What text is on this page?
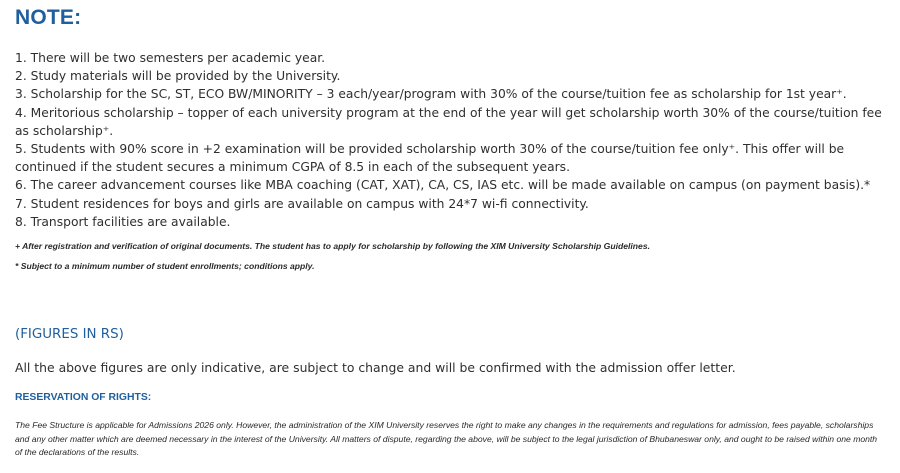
NOTE:

1. There will be two semesters per academic year.

2. Study materials will be provided by the University.

3. Scholarship for the SC, ST, ECO BW/MINORITY – 3 each/year/program with 30% of the course/tuition fee as scholarship for 1st year⁺.

4. Meritorious scholarship – topper of each university program at the end of the year will get scholarship worth 30% of the course/tuition fee as scholarship⁺.

5. Students with 90% score in +2 examination will be provided scholarship worth 30% of the course/tuition fee only⁺. This offer will be continued if the student secures a minimum CGPA of 8.5 in each of the subsequent years.

6. The career advancement courses like MBA coaching (CAT, XAT), CA, CS, IAS etc. will be made available on campus (on payment basis).*

7. Student residences for boys and girls are available on campus with 24*7 wi-fi connectivity.

8. Transport facilities are available.

+ After registration and verification of original documents. The student has to apply for scholarship by following the XIM University Scholarship Guidelines.
* Subject to a minimum number of student enrollments; conditions apply.
(FIGURES IN RS)
All the above figures are only indicative, are subject to change and will be confirmed with the admission offer letter.
RESERVATION OF RIGHTS:
The Fee Structure is applicable for Admissions 2026 only. However, the administration of the XIM University reserves the right to make any changes in the requirements and regulations for admission, fees payable, scholarships and any other matter which are deemed necessary in the interest of the University. All matters of dispute, regarding the above, will be subject to the legal jurisdiction of Bhubaneswar only, and ought to be raised within one month of the declarations of the results.
